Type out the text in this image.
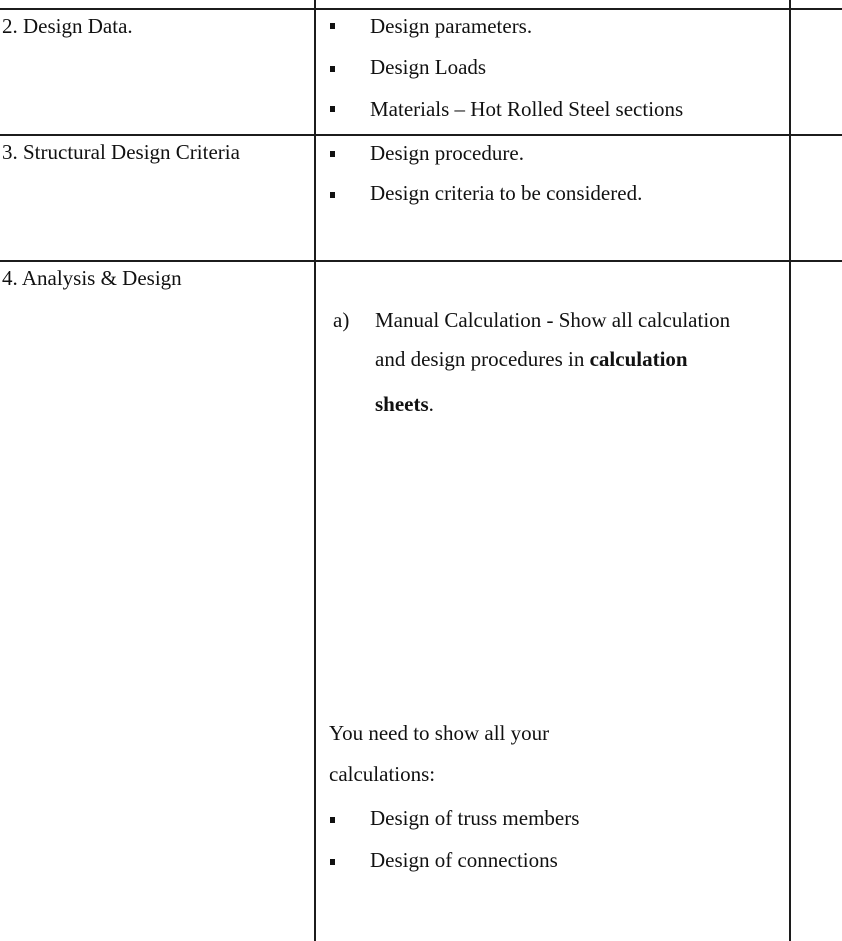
2. Design Data.	Design parameters.
Design Loads
Materials – Hot Rolled Steel sections
3. Structural Design Criteria	Design procedure.
Design criteria to be considered.
4. Analysis & Design
a) Manual Calculation - Show all calculation
and design procedures in calculation
sheets.
You need to show all your
calculations:
Design of truss members
Design of connections
